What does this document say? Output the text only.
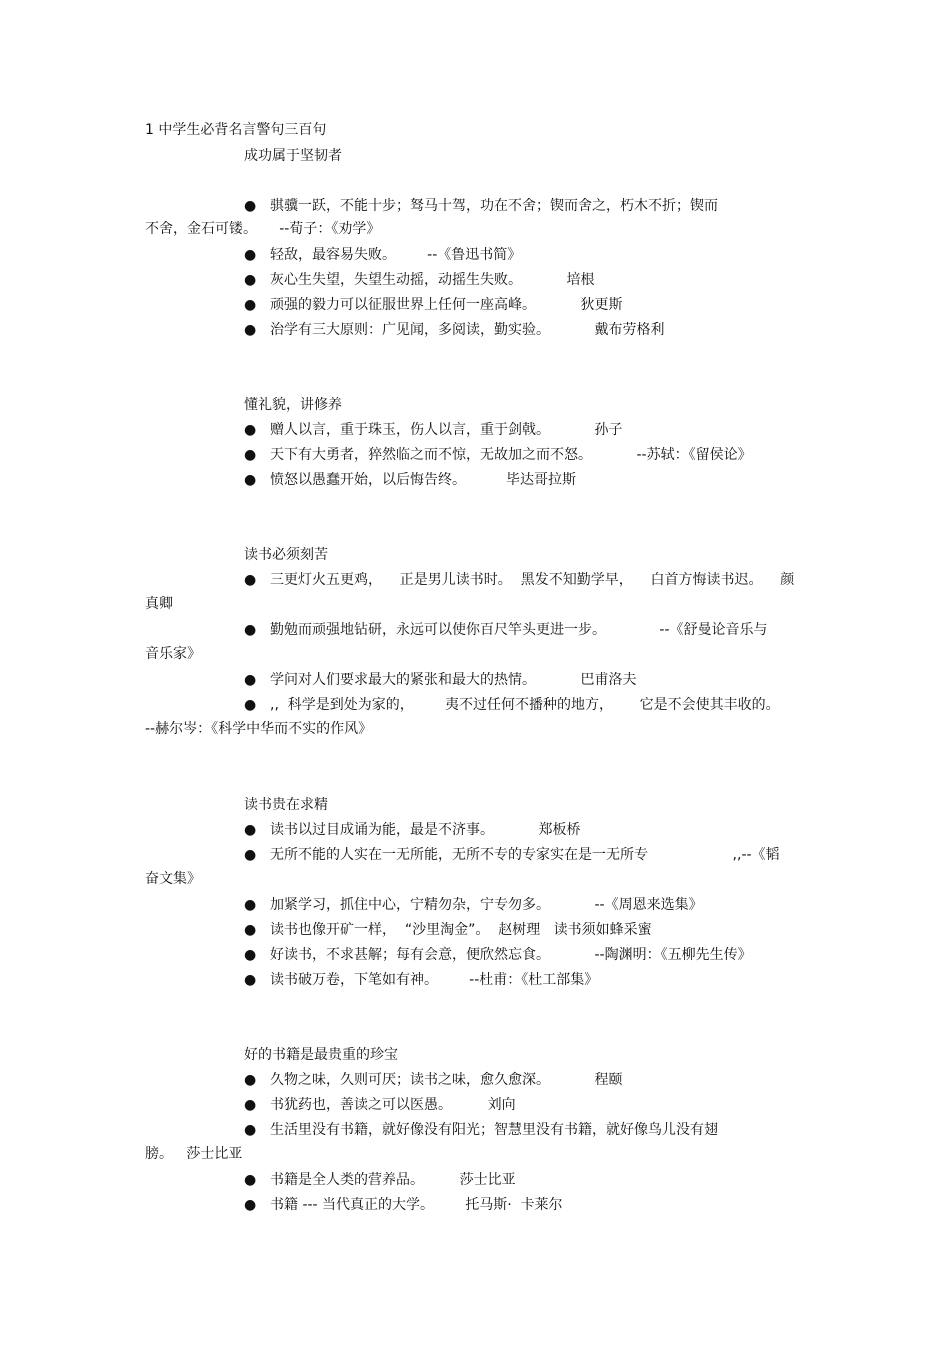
1 中学生必背名言警句三百句
成功属于坚韧者
● 骐骥一跃，不能十步；驽马十驾，功在不舍；锲而舍之，朽木不折；锲而
不舍，金石可镂。     --荀子：《劝学》
● 轻敌，最容易失败。       --《鲁迅书简》
● 灰心生失望，失望生动摇，动摇生失败。          培根
● 顽强的毅力可以征服世界上任何一座高峰。          狄更斯
● 治学有三大原则：广见闻，多阅读，勤实验。          戴布劳格利
懂礼貌，讲修养
● 赠人以言，重于珠玉，伤人以言，重于剑戟。          孙子
● 天下有大勇者，猝然临之而不惊，无故加之而不怒。          --苏轼：《留侯论》
● 愤怒以愚蠢开始，以后悔告终。         毕达哥拉斯
读书必须刻苦
● 三更灯火五更鸡，    正是男儿读书时。  黑发不知勤学早，    白首方悔读书迟。    颜
真卿
● 勤勉而顽强地钻研，永远可以使你百尺竿头更进一步。            --《舒曼论音乐与
音乐家》
● 学问对人们要求最大的紧张和最大的热情。          巴甫洛夫
● ,,  科学是到处为家的，       夷不过任何不播种的地方，      它是不会使其丰收的。
--赫尔岑：《科学中华而不实的作风》
读书贵在求精
● 读书以过目成诵为能，最是不济事。          郑板桥
● 无所不能的人实在一无所能，无所不专的专家实在是一无所专                   ,,--《韬
奋文集》
● 加紧学习，抓住中心，宁精勿杂，宁专勿多。          --《周恩来选集》
● 读书也像开矿一样，  “沙里淘金”。  赵树理   读书须如蜂采蜜
● 好读书，不求甚解；每有会意，便欣然忘食。          --陶渊明：《五柳先生传》
● 读书破万卷，下笔如有神。       --杜甫：《杜工部集》
好的书籍是最贵重的珍宝
● 久物之味，久则可厌；读书之味，愈久愈深。          程颐
● 书犹药也，善读之可以医愚。        刘向
● 生活里没有书籍，就好像没有阳光；智慧里没有书籍，就好像鸟儿没有翅
膀。   莎士比亚
● 书籍是全人类的营养品。        莎士比亚
● 书籍 --- 当代真正的大学。       托马斯·  卡莱尔
